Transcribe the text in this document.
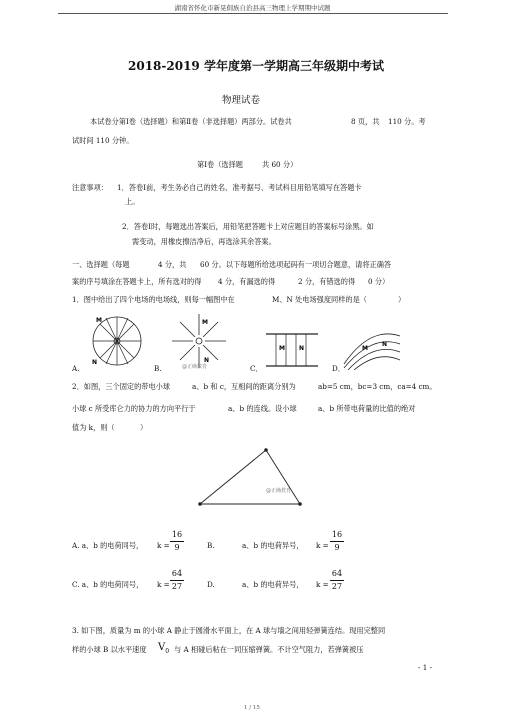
湖南省怀化市新晃侗族自治县高三物理上学期期中试题
2018-2019 学年度第一学期高三年级期中考试
物理试卷
本试卷分第Ⅰ卷（选择题）和第Ⅱ卷（非选择题）两部分。试卷共	8 页，共 110 分。考
试时间 110 分钟。
第Ⅰ卷（选择题	共 60 分）
注意事项： 1．答卷Ⅰ前，考生务必自己的姓名、准考据号、考试科目用铅笔填写在答题卡
上。
2．答卷Ⅰ时，每题选出答案后，用铅笔把答题卡上对应题目的答案标号涂黑。如
需变动，用橡皮擦洁净后，再选涂其余答案。
一、选择题（每题	4 分，共 60 分。以下每题所给选项起码有一项切合题意，请将正确答
案的序号填涂在答题卡上，所有选对的得 4 分，有漏选的得	2 分，有错选的得 0 分）
1．图中给出了四个电场的电场线，则每一幅图中在	M、N 处电场强度同样的是（	）
M
N
M
N
@正确教育
M N	M
N
A.	B.	C．	D．
2．如图，三个固定的带电小球	a、b 和 c，互相间的距离分别为	ab=5 cm，bc=3 cm，ca=4 cm。
小球 c 所受库仑力的协力的方向平行于	a、b 的连线。设小球	a、b 所带电荷量的比值的绝对
值为 k，则（	）
@正确教育
A. a、b 的电荷同号， k =
16
9	B.	a、b 的电荷异号， k =
16
9
C. a、b 的电荷同号， k =
64
27	D.	a、b 的电荷异号， k =
64
27
3. 如下图，质量为 m 的小球 A 静止于圆滑水平面上，在 A 球与墙之间用轻弹簧连结。现用完整同
样的小球 B 以水平速度 $V_0$ 与 A 相碰后粘在一同压缩弹簧。不计空气阻力，若弹簧被压
- 1 -
1 / 15
